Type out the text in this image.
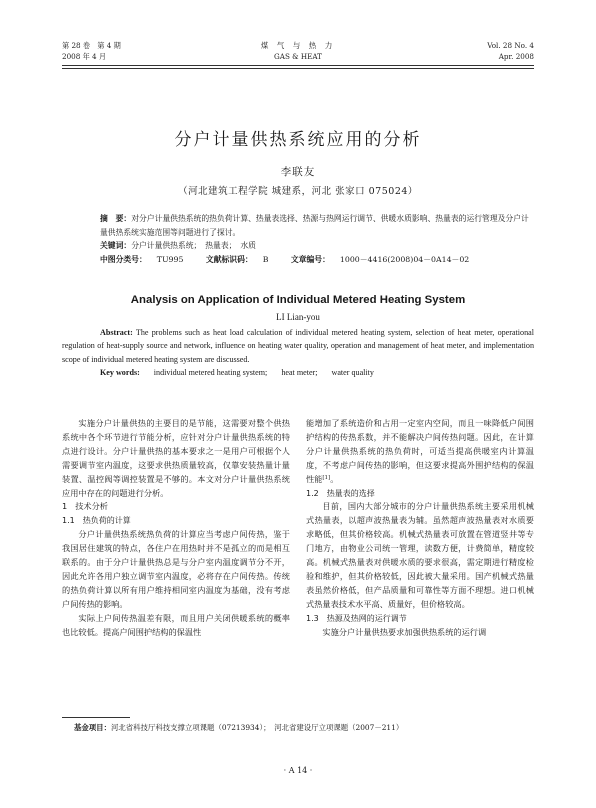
第 28 卷　第 4 期
2008 年 4 月
煤 气 与 热 力
GAS & HEAT
Vol. 28 No. 4
Apr. 2008
分户计量供热系统应用的分析
李联友
（河北建筑工程学院 城建系，河北 张家口 075024）
摘　要：对分户计量供热系统的热负荷计算、热量表选择、热源与热网运行调节、供暖水质影响、热量表的运行管理及分户计量供热系统实施范围等问题进行了探讨。
关键词：分户计量供热系统；　热量表；　水质
中图分类号： TU995	文献标识码： B	文章编号： 1000－4416(2008)04－0A14－02
Analysis on Application of Individual Metered Heating System
LI Lian-you
Abstract: The problems such as heat load calculation of individual metered heating system, selection of heat meter, operational regulation of heat-supply source and network, influence on heating water quality, operation and management of heat meter, and implementation scope of individual metered heating system are discussed.
Key words: individual metered heating system; heat meter; water quality

实施分户计量供热的主要目的是节能，这需要对整个供热系统中各个环节进行节能分析，应针对分户计量供热系统的特点进行设计。分户计量供热的基本要求之一是用户可根据个人需要调节室内温度，这要求供热质量较高，仅靠安装热量计量装置、温控阀等调控装置是不够的。本文对分户计量供热系统应用中存在的问题进行分析。

1 技术分析

1.1 热负荷的计算

分户计量供热系统热负荷的计算应当考虑户间传热，鉴于我国居住建筑的特点，各住户在用热时并不是孤立的而是相互联系的。由于分户计量供热总是与分户室内温度调节分不开，因此允许各用户独立调节室内温度，必将存在户间传热。传统的热负荷计算以所有用户维持相同室内温度为基础，没有考虑户间传热的影响。

实际上户间传热温差有限，而且用户关闭供暖系统的概率也比较低。提高户间围护结构的保温性

能增加了系统造价和占用一定室内空间，而且一味降低户间围护结构的传热系数，并不能解决户间传热问题。因此，在计算分户计量供热系统的热负荷时，可适当提高供暖室内计算温度，不考虑户间传热的影响，但这要求提高外围护结构的保温性能[1]。

1.2 热量表的选择

目前，国内大部分城市的分户计量供热系统主要采用机械式热量表，以超声波热量表为辅。虽然超声波热量表对水质要求略低，但其价格较高。机械式热量表可放置在管道竖井等专门地方，由物业公司统一管理，读数方便，计费简单，精度较高。机械式热量表对供暖水质的要求很高，需定期进行精度检验和维护，但其价格较低，因此被大量采用。国产机械式热量表虽然价格低，但产品质量和可靠性等方面不理想。进口机械式热量表技术水平高、质量好，但价格较高。

1.3 热源及热网的运行调节

实施分户计量供热要求加强供热系统的运行调

基金项目：河北省科技厅科技支撑立项课题（07213934）；　河北省建设厅立项课题（2007－211）
· A 14 ·
